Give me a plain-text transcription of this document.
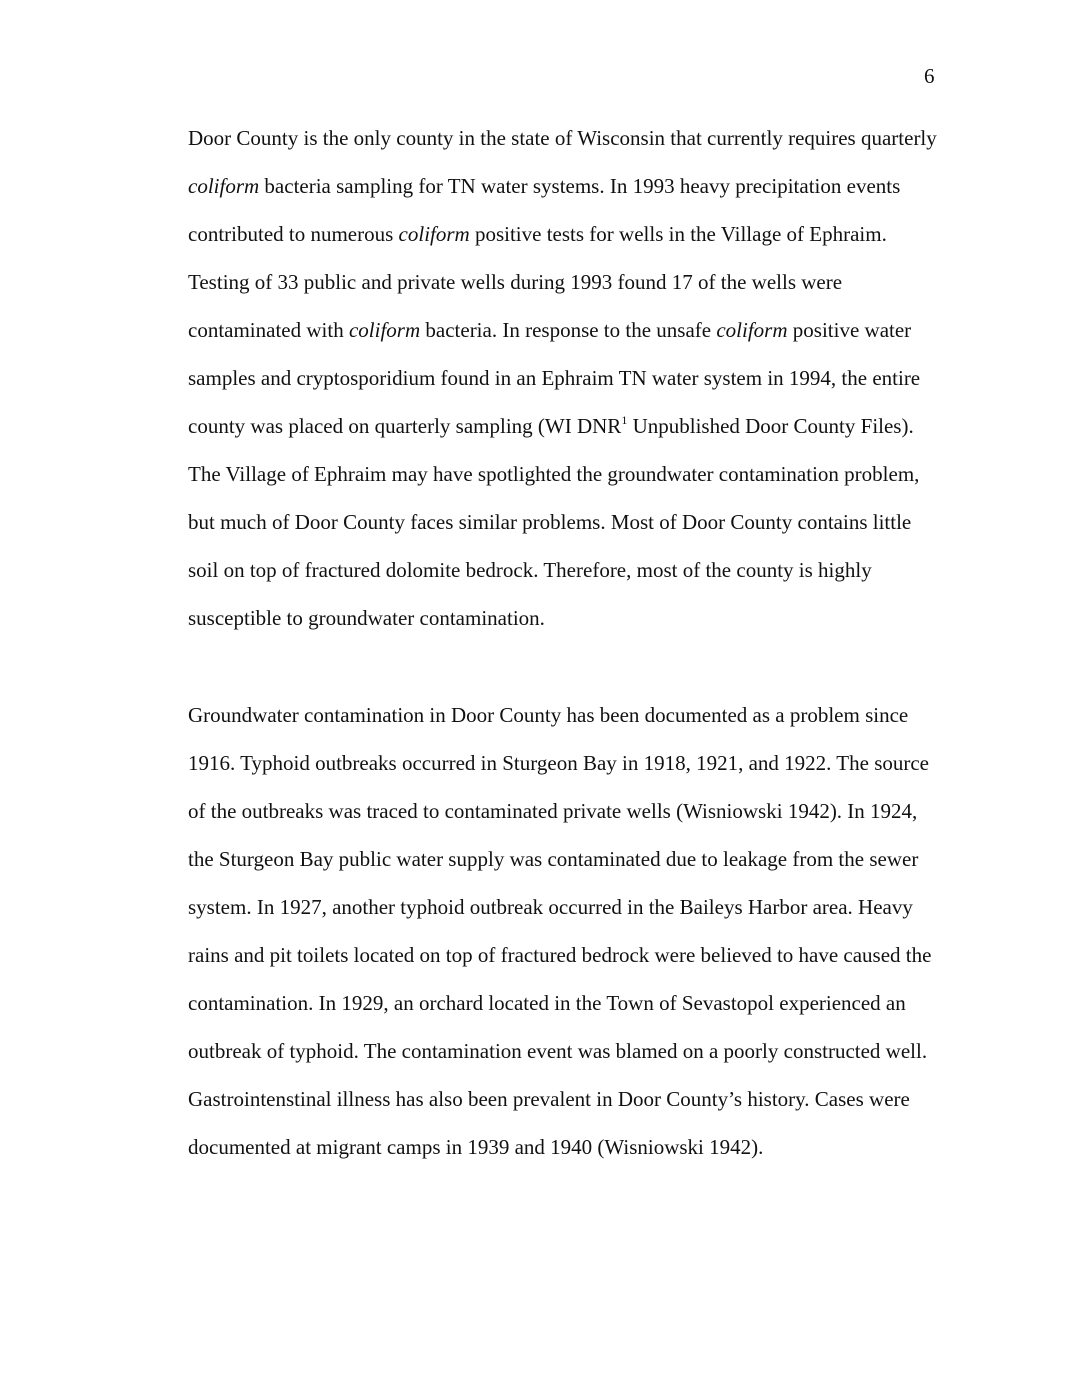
6

Door County is the only county in the state of Wisconsin that currently requires quarterly
coliform bacteria sampling for TN water systems. In 1993 heavy precipitation events
contributed to numerous coliform positive tests for wells in the Village of Ephraim.
Testing of 33 public and private wells during 1993 found 17 of the wells were
contaminated with coliform bacteria. In response to the unsafe coliform positive water
samples and cryptosporidium found in an Ephraim TN water system in 1994, the entire
county was placed on quarterly sampling (WI DNR$^1$ Unpublished Door County Files).
The Village of Ephraim may have spotlighted the groundwater contamination problem,
but much of Door County faces similar problems. Most of Door County contains little
soil on top of fractured dolomite bedrock. Therefore, most of the county is highly
susceptible to groundwater contamination.

Groundwater contamination in Door County has been documented as a problem since
1916. Typhoid outbreaks occurred in Sturgeon Bay in 1918, 1921, and 1922. The source
of the outbreaks was traced to contaminated private wells (Wisniowski 1942). In 1924,
the Sturgeon Bay public water supply was contaminated due to leakage from the sewer
system. In 1927, another typhoid outbreak occurred in the Baileys Harbor area. Heavy
rains and pit toilets located on top of fractured bedrock were believed to have caused the
contamination. In 1929, an orchard located in the Town of Sevastopol experienced an
outbreak of typhoid. The contamination event was blamed on a poorly constructed well.
Gastrointenstinal illness has also been prevalent in Door County’s history. Cases were
documented at migrant camps in 1939 and 1940 (Wisniowski 1942).
